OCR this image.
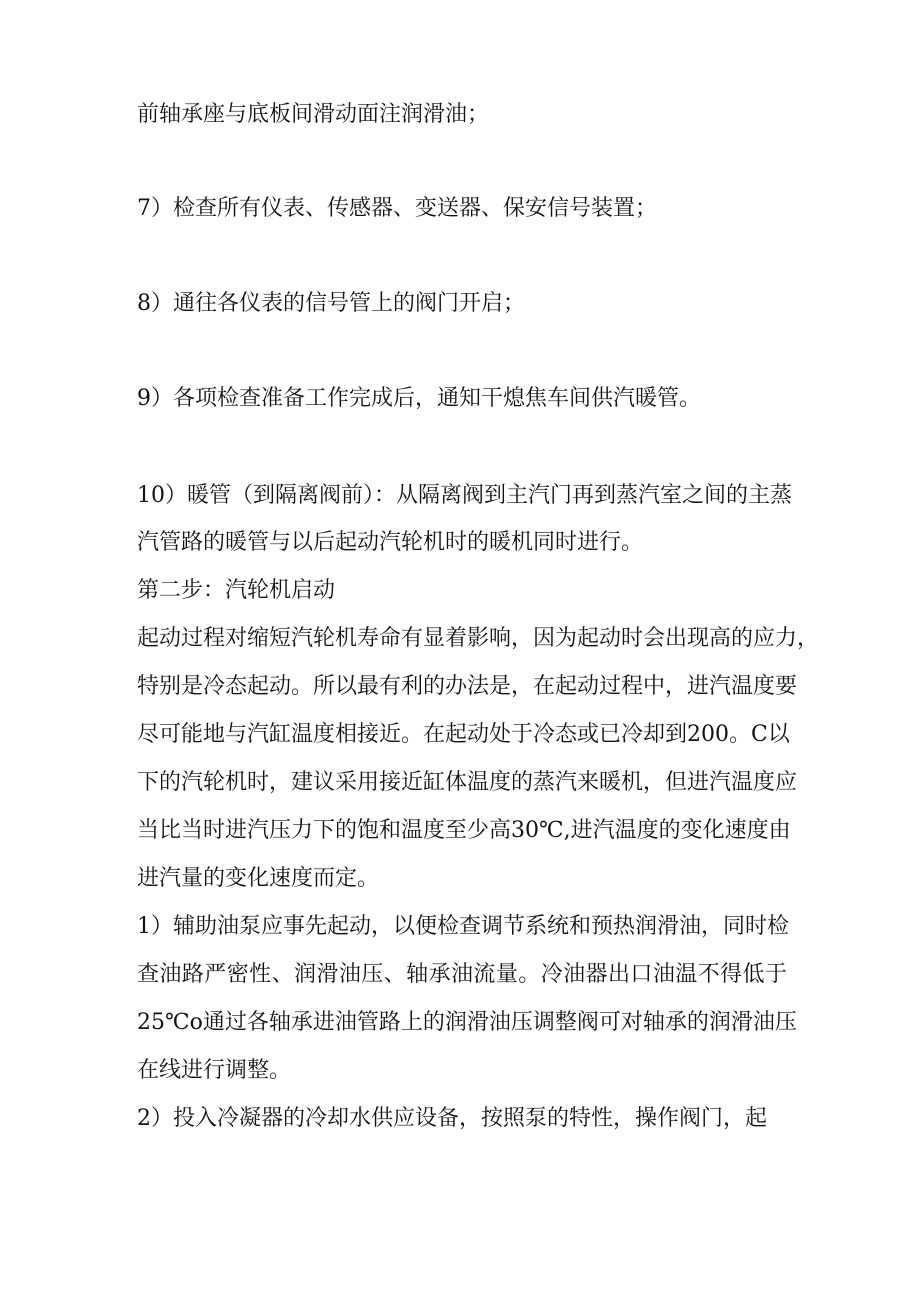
前轴承座与底板间滑动面注润滑油；
7）检查所有仪表、传感器、变送器、保安信号装置；
8）通往各仪表的信号管上的阀门开启；
9）各项检查准备工作完成后，通知干熄焦车间供汽暖管。
10）暖管（到隔离阀前）：从隔离阀到主汽门再到蒸汽室之间的主蒸
汽管路的暖管与以后起动汽轮机时的暖机同时进行。
第二步：汽轮机启动
起动过程对缩短汽轮机寿命有显着影响，因为起动时会出现高的应力，
特别是冷态起动。所以最有利的办法是，在起动过程中，进汽温度要
尽可能地与汽缸温度相接近。在起动处于冷态或已冷却到200。C以
下的汽轮机时，建议采用接近缸体温度的蒸汽来暖机，但进汽温度应
当比当时进汽压力下的饱和温度至少高30℃,进汽温度的变化速度由
进汽量的变化速度而定。
1）辅助油泵应事先起动，以便检查调节系统和预热润滑油，同时检
查油路严密性、润滑油压、轴承油流量。冷油器出口油温不得低于
25℃o通过各轴承进油管路上的润滑油压调整阀可对轴承的润滑油压
在线进行调整。
2）投入冷凝器的冷却水供应设备，按照泵的特性，操作阀门，起
